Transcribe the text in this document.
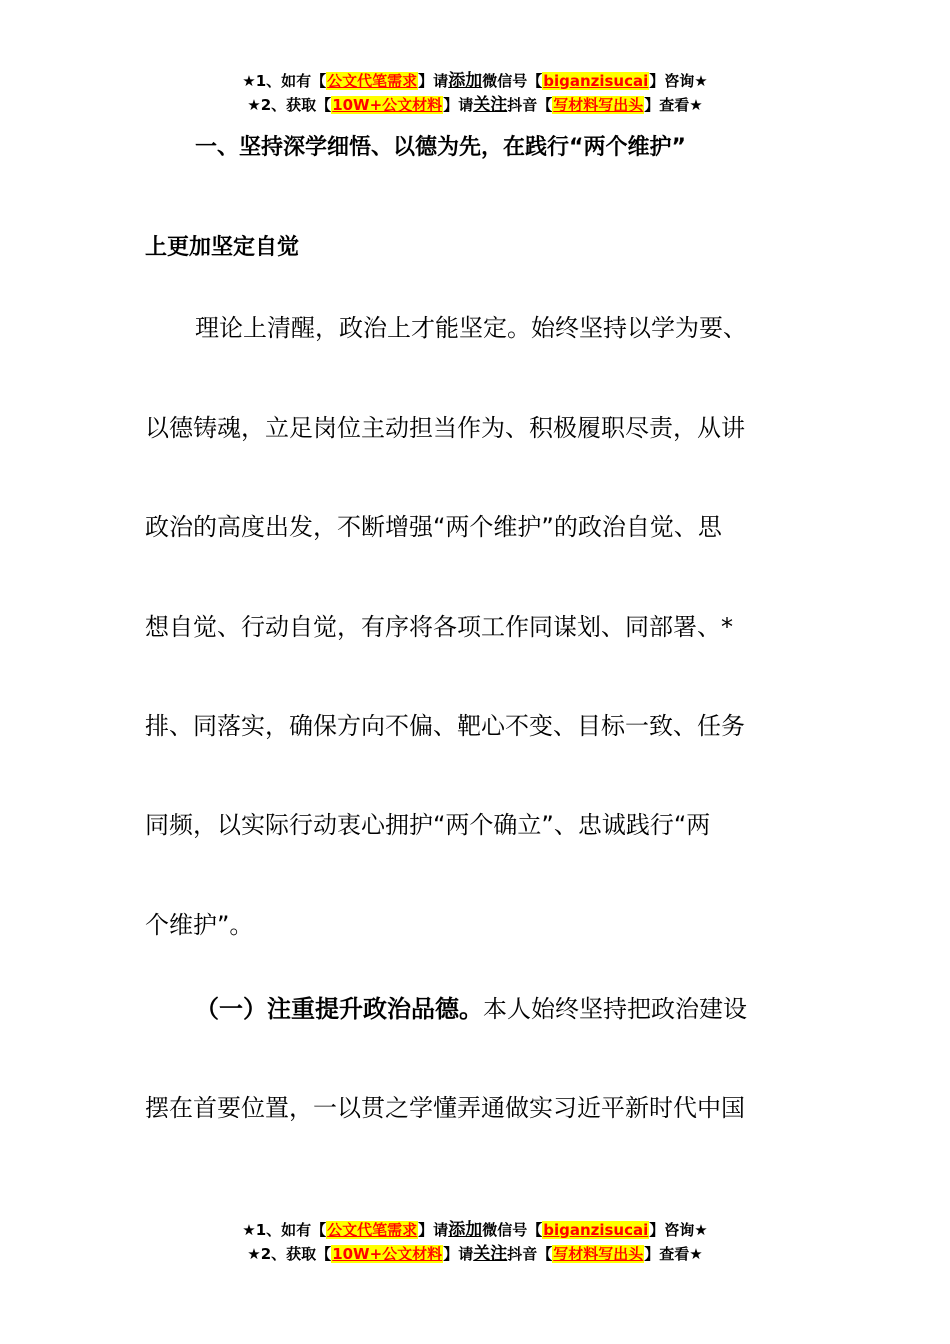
★1、如有【公文代笔需求】请添加微信号【biganzisucai】咨询★
★2、获取【10W+公文材料】请关注抖音【写材料写出头】查看★
一、坚持深学细悟、以德为先，在践行“两个维护”
上更加坚定自觉
理论上清醒，政治上才能坚定。始终坚持以学为要、
以德铸魂，立足岗位主动担当作为、积极履职尽责，从讲
政治的高度出发，不断增强“两个维护”的政治自觉、思
想自觉、行动自觉，有序将各项工作同谋划、同部署、*
排、同落实，确保方向不偏、靶心不变、目标一致、任务
同频，以实际行动衷心拥护“两个确立”、忠诚践行“两
个维护”。
（一）注重提升政治品德。本人始终坚持把政治建设
摆在首要位置，一以贯之学懂弄通做实习近平新时代中国
★1、如有【公文代笔需求】请添加微信号【biganzisucai】咨询★
★2、获取【10W+公文材料】请关注抖音【写材料写出头】查看★
